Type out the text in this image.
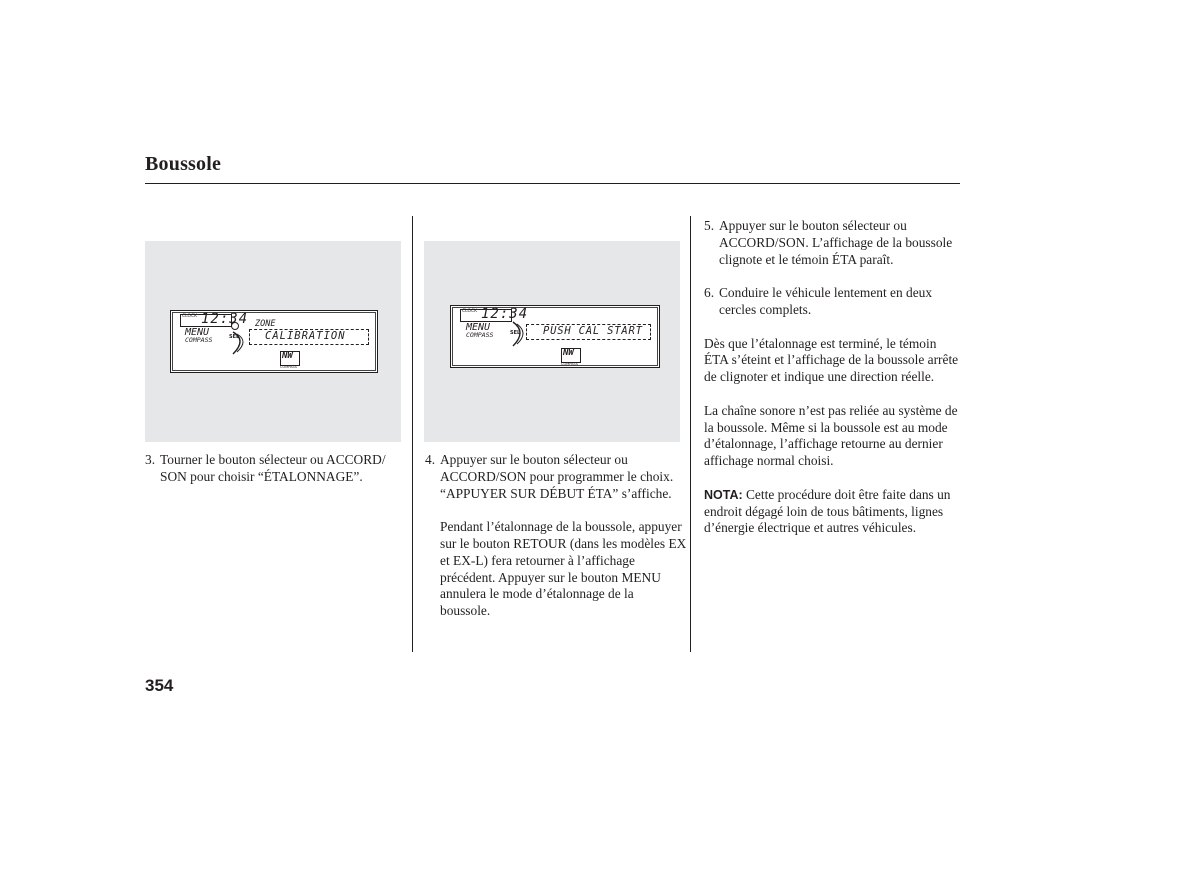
Boussole
CLOCK 12:34
MENU
COMPASS	SEL
ZONE
CALIBRATION
NW
COMPASS
CLOCK 12:34
MENU
COMPASS	SEL PUSH CAL START
NW
COMPASS

3. Tourner le bouton sélecteur ou ACCORD/ SON pour choisir “ÉTALONNAGE”.

4. Appuyer sur le bouton sélecteur ou ACCORD/SON pour programmer le choix. “APPUYER SUR DÉBUT ÉTA” s’affiche.

Pendant l’étalonnage de la boussole, appuyer sur le bouton RETOUR (dans les modèles EX et EX-L) fera retourner à l’affichage précédent. Appuyer sur le bouton MENU annulera le mode d’étalonnage de la boussole.

5. Appuyer sur le bouton sélecteur ou ACCORD/SON. L’affichage de la boussole clignote et le témoin ÉTA paraît.

6. Conduire le véhicule lentement en deux cercles complets.

Dès que l’étalonnage est terminé, le témoin ÉTA s’éteint et l’affichage de la boussole arrête de clignoter et indique une direction réelle.

La chaîne sonore n’est pas reliée au système de la boussole. Même si la boussole est au mode d’étalonnage, l’affichage retourne au dernier affichage normal choisi.

NOTA: Cette procédure doit être faite dans un endroit dégagé loin de tous bâtiments, lignes d’énergie électrique et autres véhicules.

354
